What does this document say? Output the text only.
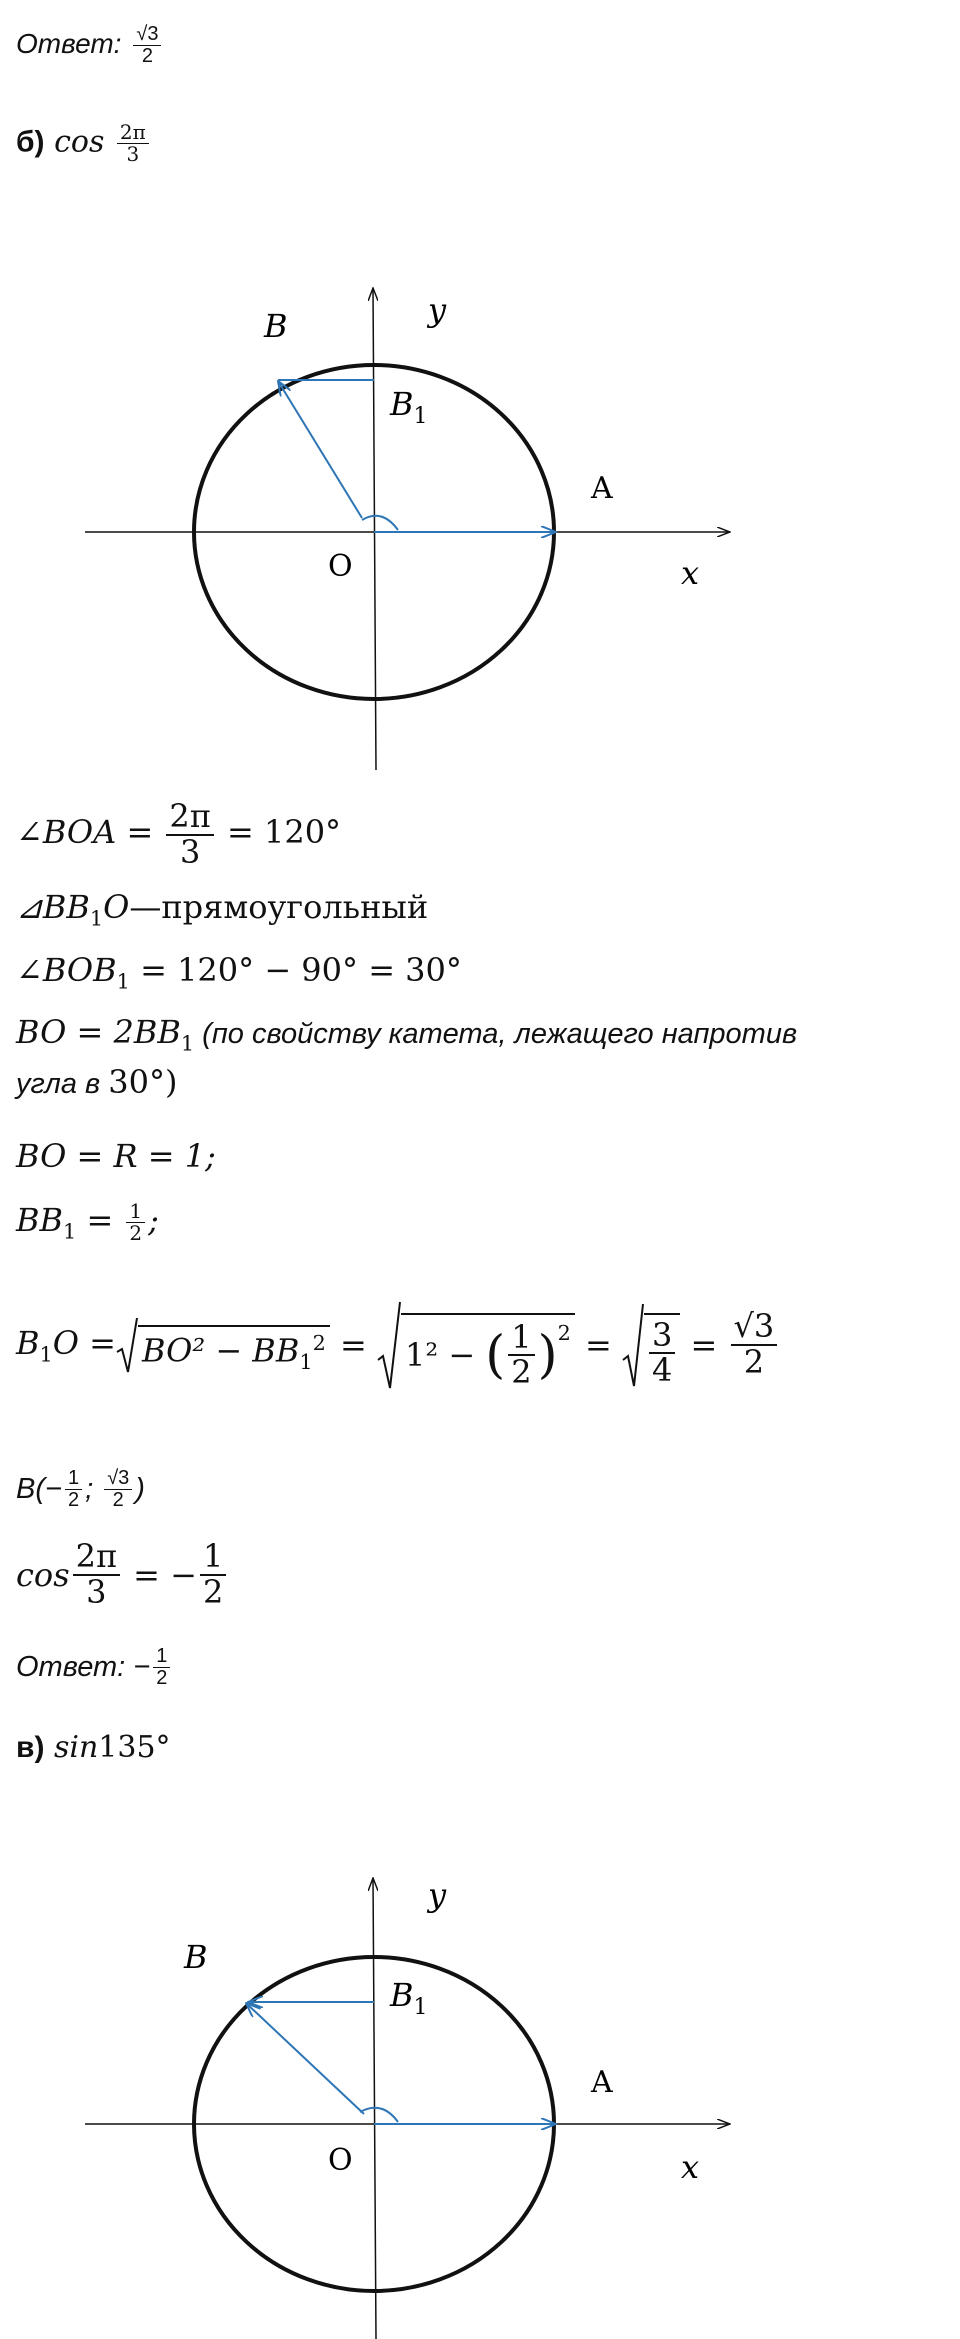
Ответ: $\frac{√3}{2}$
б) $\cos \frac{2\pi}{3}$
B	y
$B_1$
A
O	x
∠BOA = $\frac{2\pi}{3} = 120^\circ$
$⊿BB_1O—прямоугольный$
$\angle BOB_1 = 120^\circ - 90^\circ = 30^\circ$
BO = $2BB_1$ (по свойству катета, лежащего напротив
угла в 30°)
BO = R = 1;
$BB_1 = \frac{1}{2}$ ;
$B_1O = BO^2 - BB_1^2 = 1^2$ − ( $\frac{1}{2} )^2 = \frac{3}{4} = \frac{√3}{2}$
$B(- \frac{1}{2}$ ; $\frac{√3}{2}$ )
$\cos \frac{2\pi}{3}$ = − $\frac{1}{2}$
Ответ: − $\frac{1}{2}$
в) sin135°
B
y
$B_1$
A
O	x
